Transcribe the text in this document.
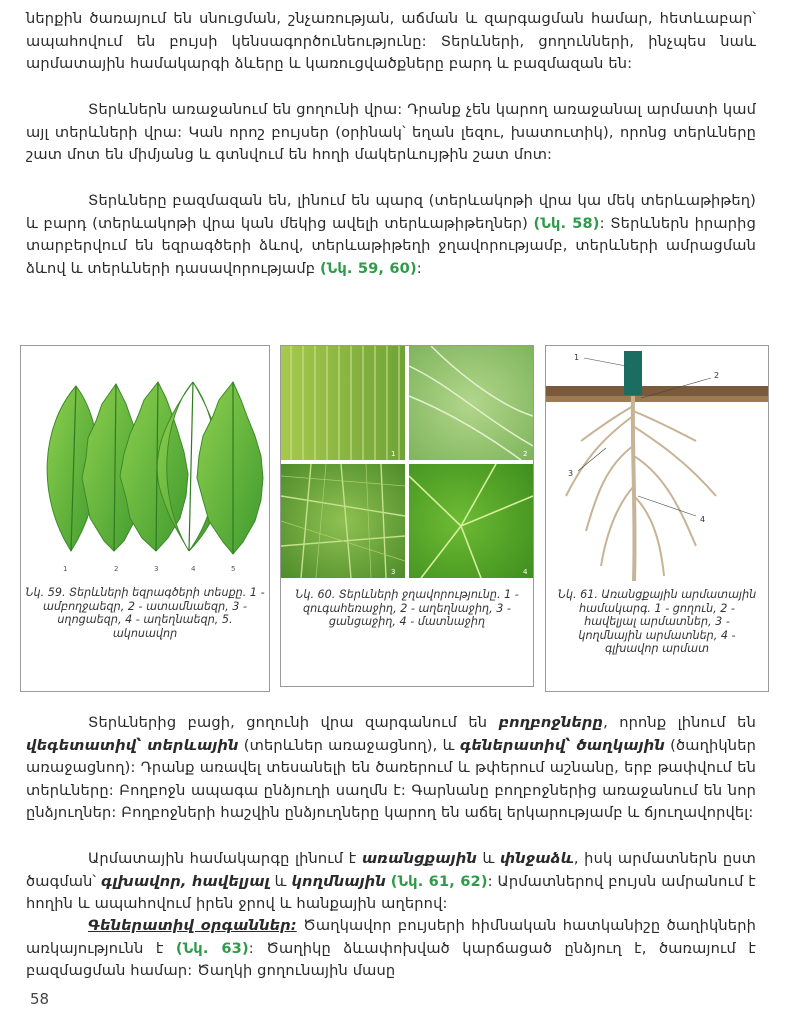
ներքին ծառայում են սնուցման, շնչառության, աճման և զարգացման համար, հետևաբար՝ ապահովում են բույսի կենսագործունեությունը: Տերևների, ցողունների, ինչպես նաև արմատային համակարգի ձևերը և կառուցվածքները բարդ և բազմազան են:

Տերևներն առաջանում են ցողունի վրա: Դրանք չեն կարող առաջանալ արմատի կամ այլ տերևների վրա: Կան որոշ բույսեր (օրինակ՝ եղան լեզու, խատուտիկ), որոնց տերևները շատ մոտ են միմյանց և գտնվում են հողի մակերևույթին շատ մոտ:

Տերևները բազմազան են, լինում են պարզ (տերևակոթի վրա կա մեկ տերևաթիթեղ) և բարդ (տերևակոթի վրա կան մեկից ավելի տերևաթիթեղներ) (Նկ. 58): Տերևներն իրարից տարբերվում են եզրագծերի ձևով, տերևաթիթեղի ջղավորությամբ, տերևների ամրացման ձևով և տերևների դասավորությամբ (Նկ. 59, 60):

1	2	3	4	5
Նկ. 59. Տերևների եզրագծերի տեսքը. 1 - ամբողջաեզր, 2 - ատամնաեզր, 3 - սղոցաեզր, 4 - աղեղնաեզր, 5. ակոսավոր
1	2
3	4
Նկ. 60. Տերևների ջղավորությունը. 1 - զուգահեռաջիղ, 2 - աղեղնաջիղ, 3 - ցանցաջիղ, 4 - մատնաջիղ
1
2
3
4
Նկ. 61. Առանցքային արմատային համակարգ. 1 - ցողուն, 2 - հավելյալ արմատներ, 3 - կողմնային արմատներ, 4 - գլխավոր արմատ

Տերևներից բացի, ցողունի վրա զարգանում են բողբոջները, որոնք լինում են վեգետատիվ՝ տերևային (տերևներ առաջացնող), և գեներատիվ՝ ծաղկային (ծաղիկներ առաջացնող): Դրանք առավել տեսանելի են ծառերում և թփերում աշնանը, երբ թափվում են տերևները: Բողբոջն ապագա ընձյուղի սաղմն է: Գարնանը բողբոջներից առաջանում են նոր ընձյուղներ: Բողբոջների հաշվին ընձյուղները կարող են աճել երկարությամբ և ճյուղավորվել:

Արմատային համակարգը լինում է առանցքային և փնջաձև, իսկ արմատներն ըստ ծագման՝ գլխավոր, հավելյալ և կողմնային (Նկ. 61, 62): Արմատներով բույսն ամրանում է հողին և ապահովում իրեն ջրով և հանքային աղերով:

Գեներատիվ օրգաններ: Ծաղկավոր բույսերի հիմնական հատկանիշը ծաղիկների առկայությունն է (Նկ. 63): Ծաղիկը ձևափոխված կարճացած ընձյուղ է, ծառայում է բազմացման համար: Ծաղկի ցողունային մասը

58
